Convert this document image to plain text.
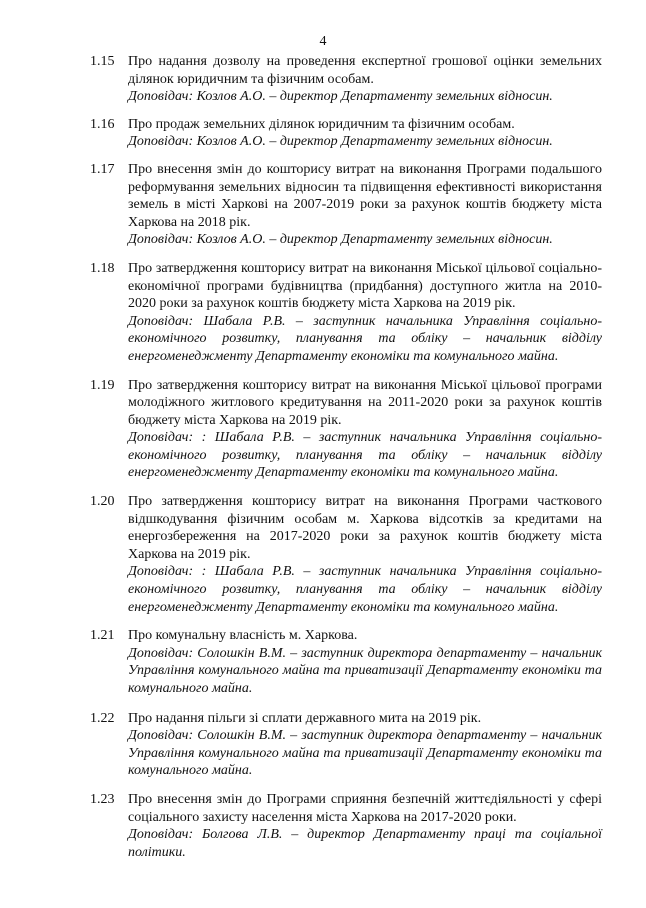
4
1.15 Про надання дозволу на проведення експертної грошової оцінки земельних ділянок юридичним та фізичним особам.

Доповідач: Козлов А.О. – директор Департаменту земельних відносин.

1.16 Про продаж земельних ділянок юридичним та фізичним особам.

Доповідач: Козлов А.О. – директор Департаменту земельних відносин.

1.17 Про внесення змін до кошторису витрат на виконання Програми подальшого реформування земельних відносин та підвищення ефективності використання земель в місті Харкові на 2007-2019 роки за рахунок коштів бюджету міста Харкова на 2018 рік.

Доповідач: Козлов А.О. – директор Департаменту земельних відносин.

1.18 Про затвердження кошторису витрат на виконання Міської цільової соціально-економічної програми будівництва (придбання) доступного житла на 2010-2020 роки за рахунок коштів бюджету міста Харкова на 2019 рік.

Доповідач: Шабала Р.В. – заступник начальника Управління соціально-економічного розвитку, планування та обліку – начальник відділу енергоменеджменту Департаменту економіки та комунального майна.

1.19 Про затвердження кошторису витрат на виконання Міської цільової програми молодіжного житлового кредитування на 2011-2020 роки за рахунок коштів бюджету міста Харкова на 2019 рік.

Доповідач: : Шабала Р.В. – заступник начальника Управління соціально-економічного розвитку, планування та обліку – начальник відділу енергоменеджменту Департаменту економіки та комунального майна.

1.20 Про затвердження кошторису витрат на виконання Програми часткового відшкодування фізичним особам м. Харкова відсотків за кредитами на енергозбереження на 2017-2020 роки за рахунок коштів бюджету міста Харкова на 2019 рік.

Доповідач: : Шабала Р.В. – заступник начальника Управління соціально-економічного розвитку, планування та обліку – начальник відділу енергоменеджменту Департаменту економіки та комунального майна.

1.21 Про комунальну власність м. Харкова.

Доповідач: Солошкін В.М. – заступник директора департаменту – начальник Управління комунального майна та приватизації Департаменту економіки та комунального майна.

1.22 Про надання пільги зі сплати державного мита на 2019 рік.

Доповідач: Солошкін В.М. – заступник директора департаменту – начальник Управління комунального майна та приватизації Департаменту економіки та комунального майна.

1.23 Про внесення змін до Програми сприяння безпечній життєдіяльності у сфері соціального захисту населення міста Харкова на 2017-2020 роки.

Доповідач: Болгова Л.В. – директор Департаменту праці та соціальної політики.
